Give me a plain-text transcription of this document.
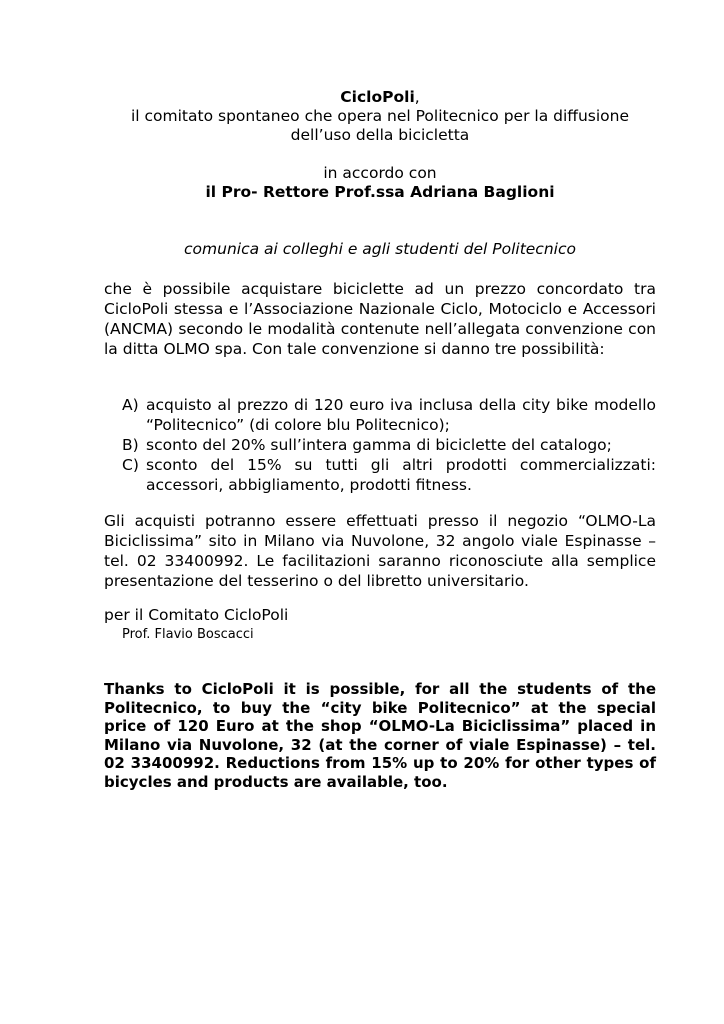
CicloPoli,

il comitato spontaneo che opera nel Politecnico per la diffusione

dell’uso della bicicletta

in accordo con

il Pro- Rettore Prof.ssa Adriana Baglioni

comunica ai colleghi e agli studenti del Politecnico

che è possibile acquistare biciclette ad un prezzo concordato tra CicloPoli stessa e l’Associazione Nazionale Ciclo, Motociclo e Accessori (ANCMA) secondo le modalità contenute nell’allegata convenzione con la ditta OLMO spa. Con tale convenzione si danno tre possibilità:

A) acquisto al prezzo di 120 euro iva inclusa della city bike modello “Politecnico” (di colore blu Politecnico);
B) sconto del 20% sull’intera gamma di biciclette del catalogo;
C) sconto del 15% su tutti gli altri prodotti commercializzati: accessori, abbigliamento, prodotti fitness.

Gli acquisti potranno essere effettuati presso il negozio “OLMO-La Biciclissima” sito in Milano via Nuvolone, 32 angolo viale Espinasse – tel. 02 33400992. Le facilitazioni saranno riconosciute alla semplice presentazione del tesserino o del libretto universitario.

per il Comitato CicloPoli

Prof. Flavio Boscacci

Thanks to CicloPoli it is possible, for all the students of the Politecnico, to buy the “city bike Politecnico” at the special price of 120 Euro at the shop “OLMO-La Biciclissima” placed in Milano via Nuvolone, 32 (at the corner of viale Espinasse) – tel. 02 33400992. Reductions from 15% up to 20% for other types of bicycles and products are available, too.
